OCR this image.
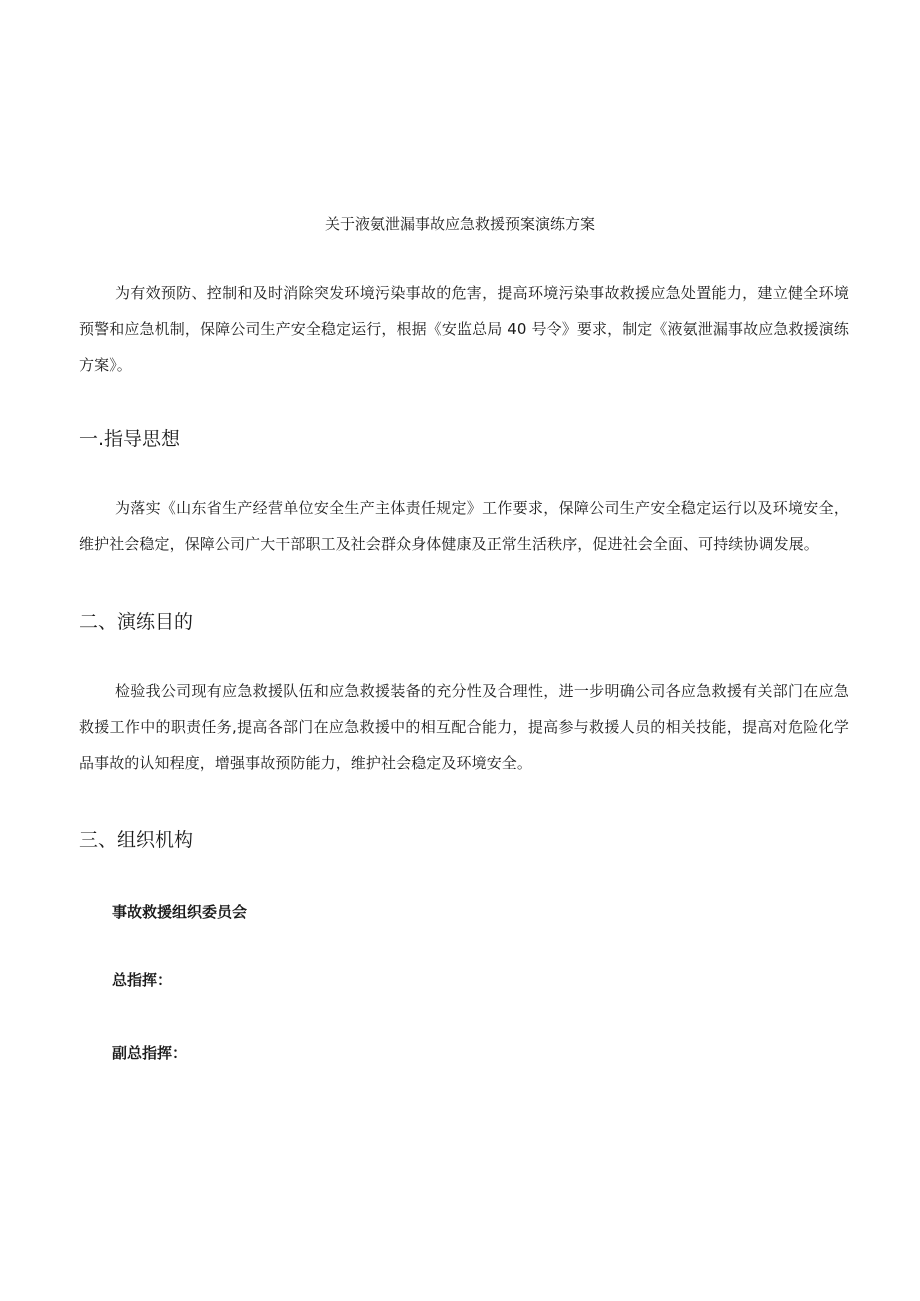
关于液氨泄漏事故应急救援预案演练方案

为有效预防、控制和及时消除突发环境污染事故的危害，提高环境污染事故救援应急处置能力，建立健全环境预警和应急机制，保障公司生产安全稳定运行，根据《安监总局 40 号令》要求，制定《液氨泄漏事故应急救援演练方案》。

一.指导思想

为落实《山东省生产经营单位安全生产主体责任规定》工作要求，保障公司生产安全稳定运行以及环境安全，维护社会稳定，保障公司广大干部职工及社会群众身体健康及正常生活秩序，促进社会全面、可持续协调发展。

二、演练目的

检验我公司现有应急救援队伍和应急救援装备的充分性及合理性，进一步明确公司各应急救援有关部门在应急救援工作中的职责任务,提高各部门在应急救援中的相互配合能力，提高参与救援人员的相关技能，提高对危险化学品事故的认知程度，增强事故预防能力，维护社会稳定及环境安全。

三、组织机构

事故救援组织委员会

总指挥：

副总指挥：
